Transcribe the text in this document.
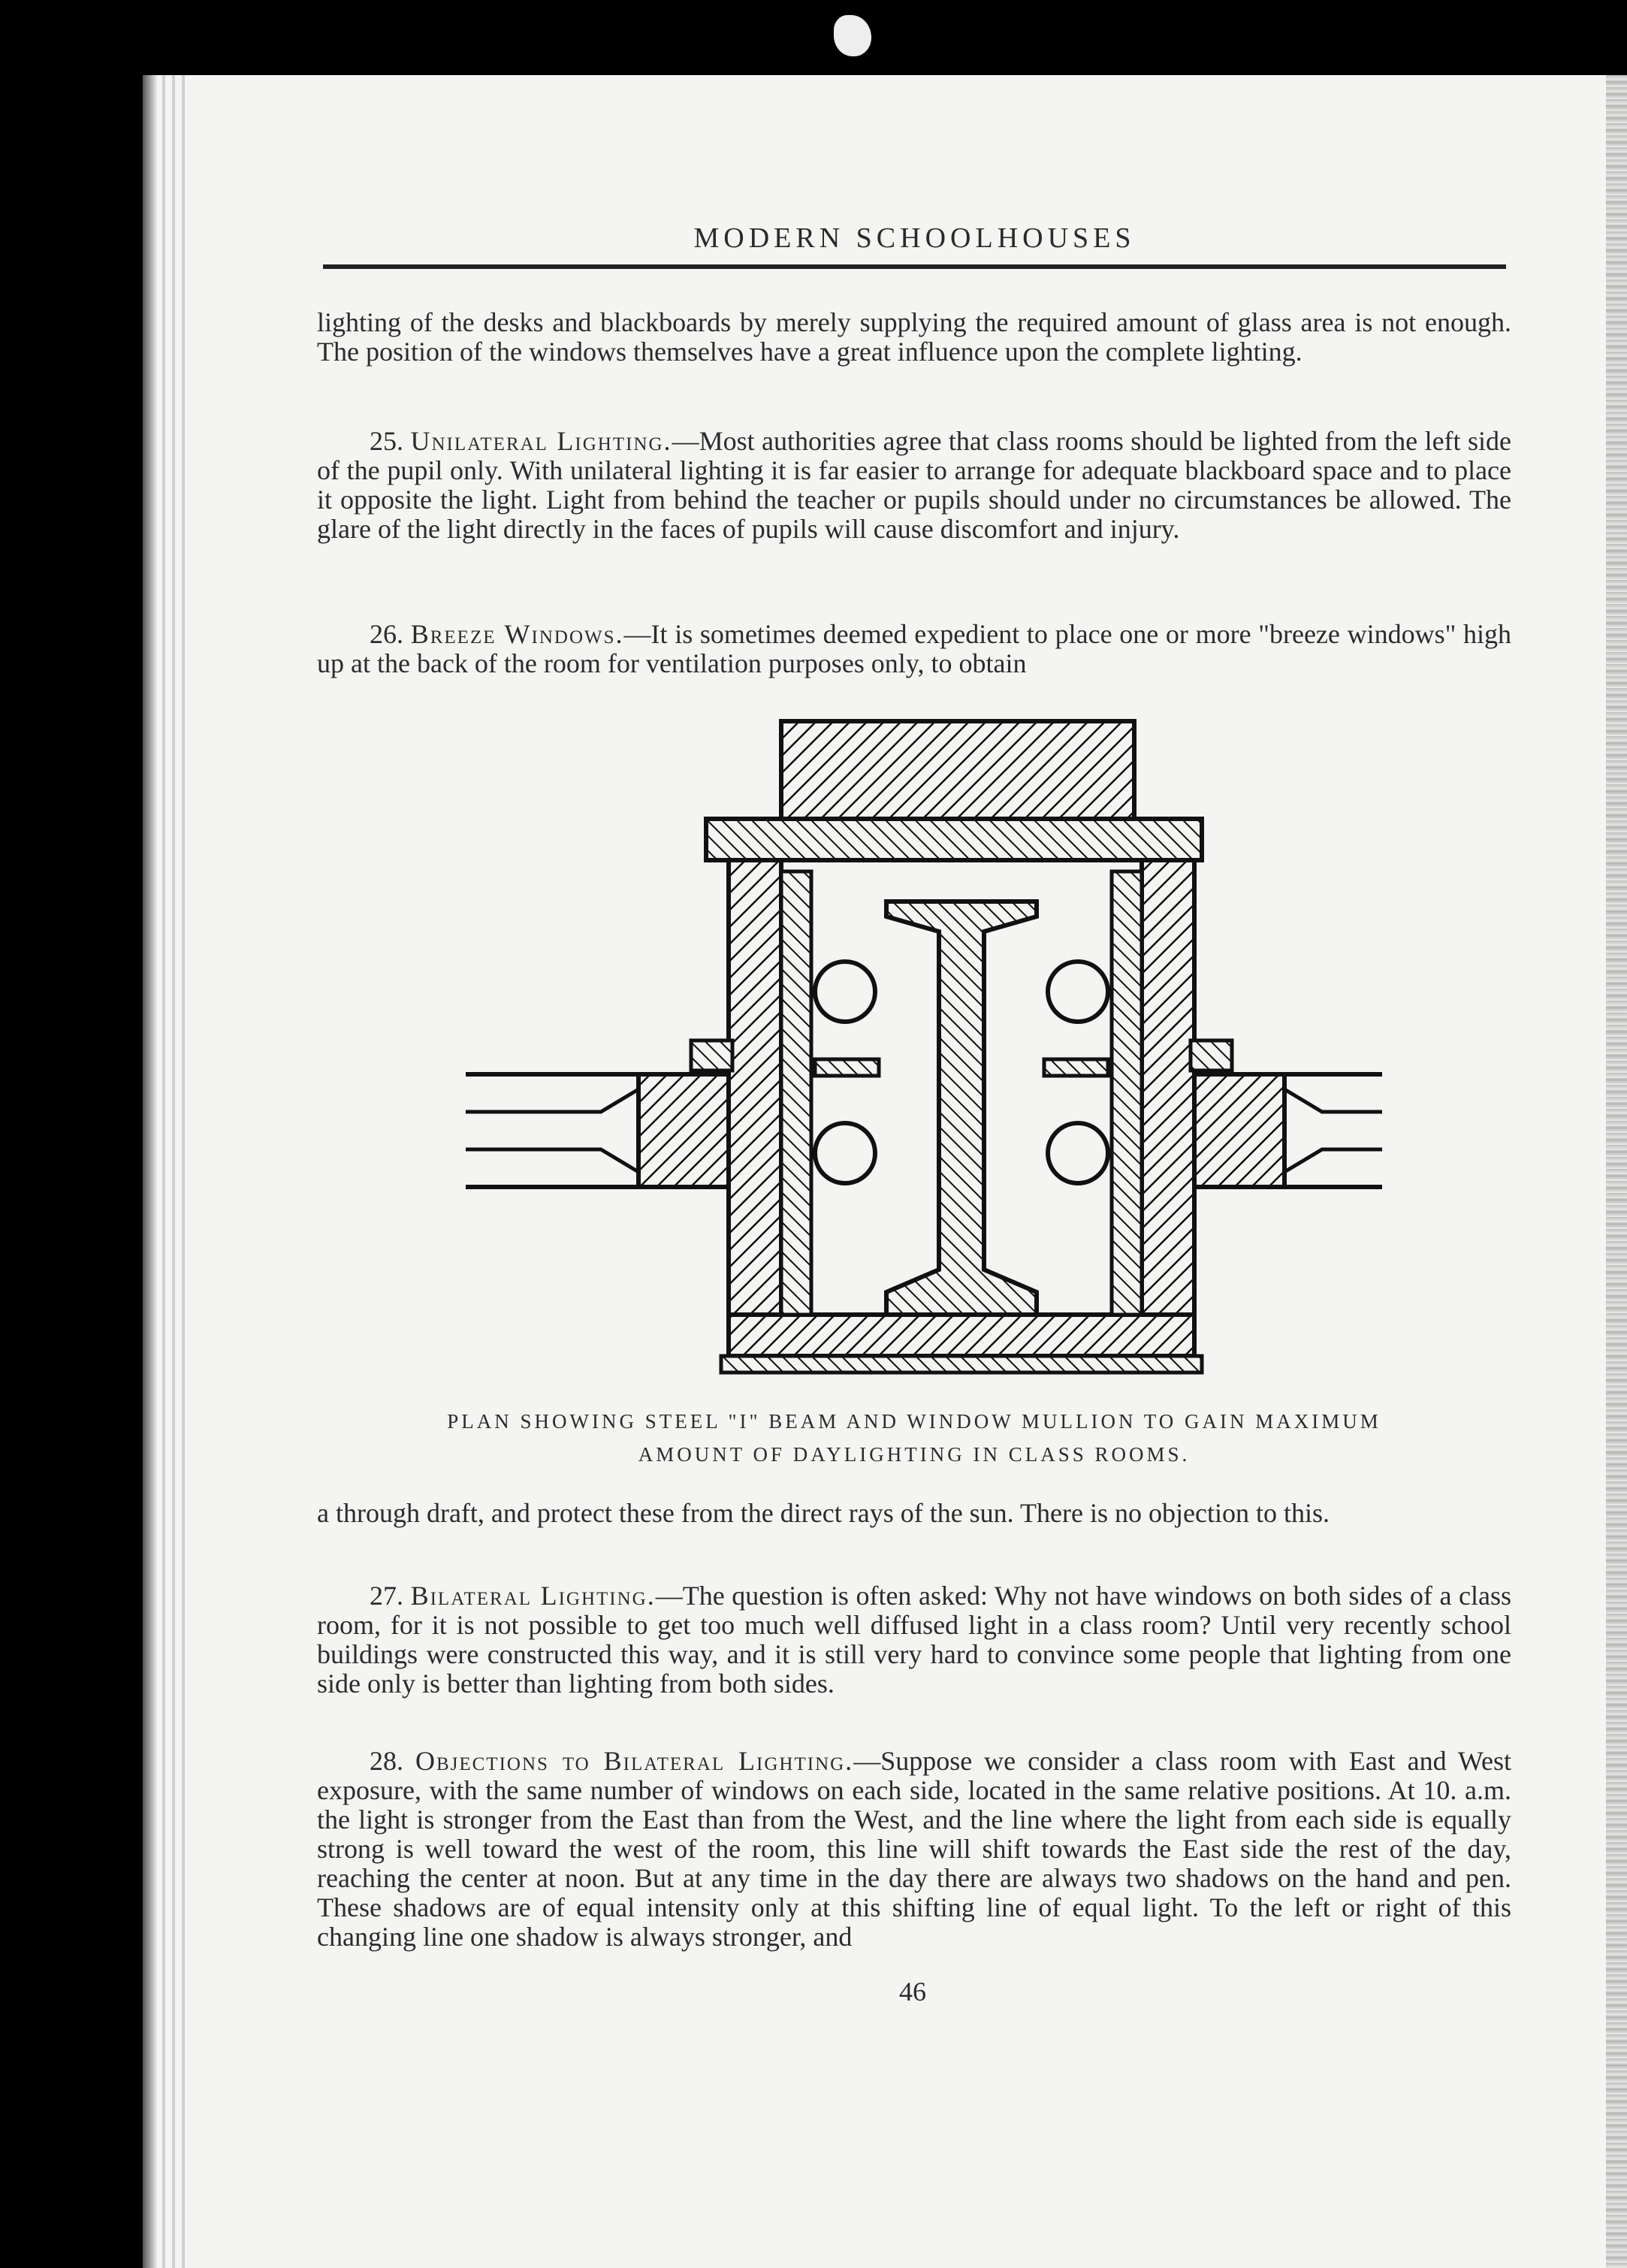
MODERN SCHOOLHOUSES
lighting of the desks and blackboards by merely supplying the required amount of glass area is not enough. The position of the windows themselves have a great influence upon the complete lighting.
25. Unilateral Lighting.—Most authorities agree that class rooms should be lighted from the left side of the pupil only. With unilateral lighting it is far easier to arrange for adequate blackboard space and to place it opposite the light. Light from behind the teacher or pupils should under no circumstances be allowed. The glare of the light directly in the faces of pupils will cause discomfort and injury.
26. Breeze Windows.—It is sometimes deemed expedient to place one or more "breeze windows" high up at the back of the room for ventilation purposes only, to obtain
PLAN SHOWING STEEL "I" BEAM AND WINDOW MULLION TO GAIN MAXIMUM
AMOUNT OF DAYLIGHTING IN CLASS ROOMS.
a through draft, and protect these from the direct rays of the sun. There is no objection to this.
27. Bilateral Lighting.—The question is often asked: Why not have windows on both sides of a class room, for it is not possible to get too much well diffused light in a class room? Until very recently school buildings were constructed this way, and it is still very hard to convince some people that lighting from one side only is better than lighting from both sides.
28. Objections to Bilateral Lighting.—Suppose we consider a class room with East and West exposure, with the same number of windows on each side, located in the same relative positions. At 10. a.m. the light is stronger from the East than from the West, and the line where the light from each side is equally strong is well toward the west of the room, this line will shift towards the East side the rest of the day, reaching the center at noon. But at any time in the day there are always two shadows on the hand and pen. These shadows are of equal intensity only at this shifting line of equal light. To the left or right of this changing line one shadow is always stronger, and
46
